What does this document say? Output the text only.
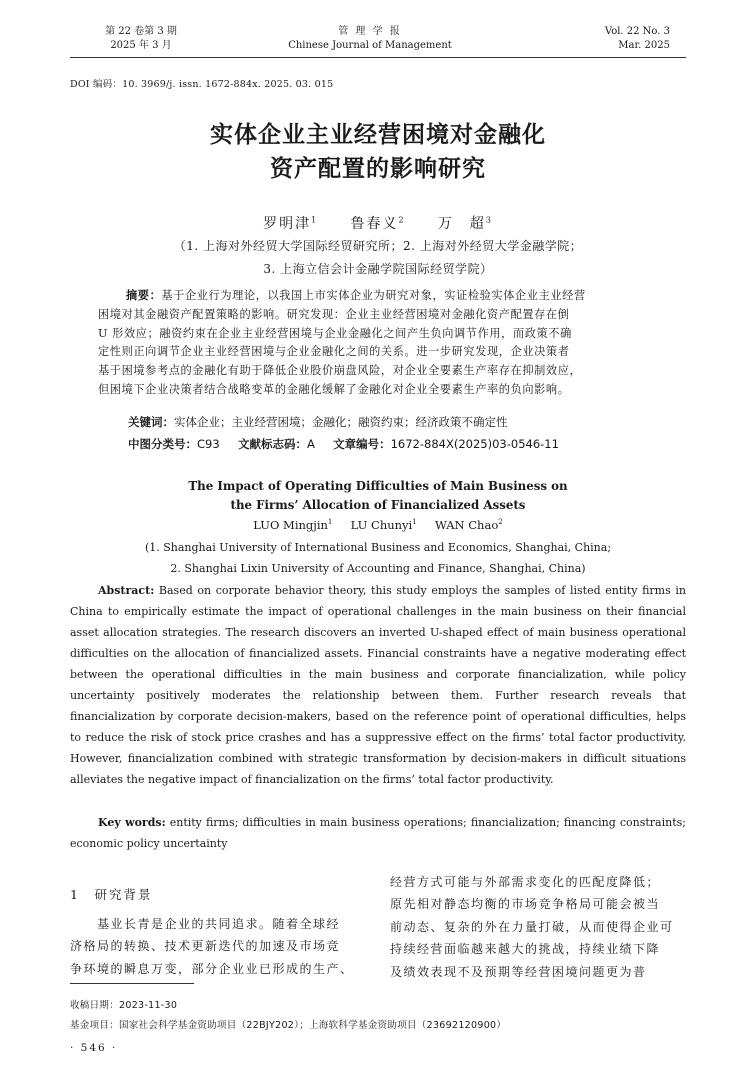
第 22 卷第 3 期
2025 年 3 月
管 理 学 报
Chinese Journal of Management
Vol. 22 No. 3
Mar. 2025
DOI 编码：10. 3969/j. issn. 1672-884x. 2025. 03. 015
实体企业主业经营困境对金融化
资产配置的影响研究
罗明津$^1$ 鲁春义$^2$ 万　超$^3$
（1. 上海对外经贸大学国际经贸研究所；2. 上海对外经贸大学金融学院；
3. 上海立信会计金融学院国际经贸学院）
摘要：基于企业行为理论，以我国上市实体企业为研究对象，实证检验实体企业主业经营
困境对其金融资产配置策略的影响。研究发现：企业主业经营困境对金融化资产配置存在倒
U 形效应；融资约束在企业主业经营困境与企业金融化之间产生负向调节作用，而政策不确
定性则正向调节企业主业经营困境与企业金融化之间的关系。进一步研究发现，企业决策者
基于困境参考点的金融化有助于降低企业股价崩盘风险，对企业全要素生产率存在抑制效应，
但困境下企业决策者结合战略变革的金融化缓解了金融化对企业全要素生产率的负向影响。
关键词：实体企业；主业经营困境；金融化；融资约束；经济政策不确定性
中图分类号：C93 文献标志码：A 文章编号：1672-884X(2025)03-0546-11
The Impact of Operating Difficulties of Main Business on
the Firms’ Allocation of Financialized Assets
LUO Mingjin$^1$ LU Chunyi$^1$ WAN Chao$^2$
(1. Shanghai University of International Business and Economics, Shanghai, China;
2. Shanghai Lixin University of Accounting and Finance, Shanghai, China)
Abstract: Based on corporate behavior theory, this study employs the samples of listed entity firms in China to empirically estimate the impact of operational challenges in the main business on their financial asset allocation strategies. The research discovers an inverted U-shaped effect of main business operational difficulties on the allocation of financialized assets. Financial constraints have a negative moderating effect between the operational difficulties in the main business and corporate financialization, while policy uncertainty positively moderates the relationship between them. Further research reveals that financialization by corporate decision-makers, based on the reference point of operational difficulties, helps to reduce the risk of stock price crashes and has a suppressive effect on the firms’ total factor productivity. However, financialization combined with strategic transformation by decision-makers in difficult situations alleviates the negative impact of financialization on the firms’ total factor productivity.
Key words: entity firms; difficulties in main business operations; financialization; financing constraints; economic policy uncertainty
1　研究背景
　　基业长青是企业的共同追求。随着全球经
济格局的转换、技术更新迭代的加速及市场竞
争环境的瞬息万变，部分企业业已形成的生产、
经营方式可能与外部需求变化的匹配度降低；
原先相对静态均衡的市场竞争格局可能会被当
前动态、复杂的外在力量打破，从而使得企业可
持续经营面临越来越大的挑战，持续业绩下降
及绩效表现不及预期等经营困境问题更为普
收稿日期：2023-11-30
基金项目：国家社会科学基金资助项目（22BJY202）；上海软科学基金资助项目（23692120900）
· 546 ·
